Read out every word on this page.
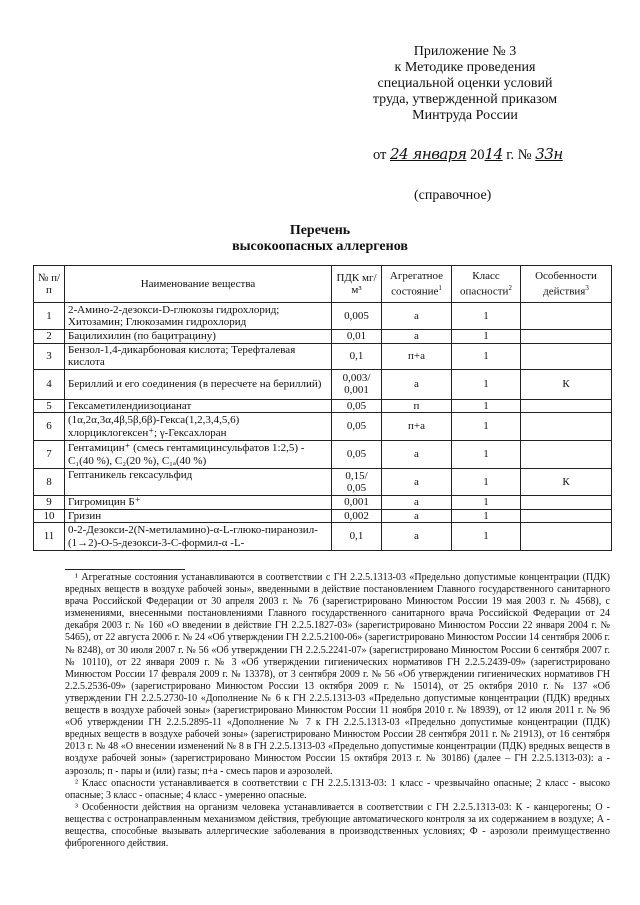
Приложение № 3
к Методике проведения
специальной оценки условий
труда, утвержденной приказом
Минтруда России
от 24 января 2014 г. № 33н
(справочное)
Перечень
высокоопасных аллергенов
№ п/п	Наименование вещества	ПДК мг/м³	Агрегатное состояние$^1$	Класс опасности$^2$	Особенности действия$^3$
1	2-Амино-2-дезокси-D-глюкозы гидрохлорид; Хитозамин; Глюкозамин гидрохлорид	0,005	а	1	
2	Бацилихилин (по бацитрацину)	0,01	а	1	
3	Бензол-1,4-дикарбоновая кислота; Терефталевая кислота	0,1	п+а	1	
4	Бериллий и его соединения (в пересчете на бериллий)	0,003/ 0,001	а	1	К
5	Гексаметилендиизоцианат	0,05	п	1	
6	(1α,2α,3α,4β,5β,6β)-Гекса(1,2,3,4,5,6) хлорциклогексен⁺; γ-Гексахлоран	0,05	п+а	1	
7	Гентамицин⁺ (смесь гентамицинсульфатов 1:2,5) - C₁(40 %), C₂(20 %), C₁ₐ(40 %)	0,05	а	1	
8	Гептаникель гексасульфид	0,15/ 0,05	а	1	К
9	Гигромицин Б⁺	0,001	а	1	
10	Гризин	0,002	а	1	
11	0-2-Дезокси-2(N-метиламино)-α-L-глюко-пиранозил-(1→2)-O-5-дезокси-3-С-формил-α -L-	0,1	а	1	

¹ Агрегатные состояния устанавливаются в соответствии с ГН 2.2.5.1313-03 «Предельно допустимые концентрации (ПДК) вредных веществ в воздухе рабочей зоны», введенными в действие постановлением Главного государственного санитарного врача Российской Федерации от 30 апреля 2003 г. № 76 (зарегистрировано Минюстом России 19 мая 2003 г. № 4568), с изменениями, внесенными постановлениями Главного государственного санитарного врача Российской Федерации от 24 декабря 2003 г. № 160 «О введении в действие ГН 2.2.5.1827-03» (зарегистрировано Минюстом России 22 января 2004 г. № 5465), от 22 августа 2006 г. № 24 «Об утверждении ГН 2.2.5.2100-06» (зарегистрировано Минюстом России 14 сентября 2006 г. № 8248), от 30 июля 2007 г. № 56 «Об утверждении ГН 2.2.5.2241-07» (зарегистрировано Минюстом России 6 сентября 2007 г. № 10110), от 22 января 2009 г. № 3 «Об утверждении гигиенических нормативов ГН 2.2.5.2439-09» (зарегистрировано Минюстом России 17 февраля 2009 г. № 13378), от 3 сентября 2009 г. № 56 «Об утверждении гигиенических нормативов ГН 2.2.5.2536-09» (зарегистрировано Минюстом России 13 октября 2009 г. № 15014), от 25 октября 2010 г. № 137 «Об утверждении ГН 2.2.5.2730-10 «Дополнение № 6 к ГН 2.2.5.1313-03 «Предельно допустимые концентрации (ПДК) вредных веществ в воздухе рабочей зоны» (зарегистрировано Минюстом России 11 ноября 2010 г. № 18939), от 12 июля 2011 г. № 96 «Об утверждении ГН 2.2.5.2895-11 «Дополнение № 7 к ГН 2.2.5.1313-03 «Предельно допустимые концентрации (ПДК) вредных веществ в воздухе рабочей зоны» (зарегистрировано Минюстом России 28 сентября 2011 г. № 21913), от 16 сентября 2013 г. № 48 «О внесении изменений № 8 в ГН 2.2.5.1313-03 «Предельно допустимые концентрации (ПДК) вредных веществ в воздухе рабочей зоны» (зарегистрировано Минюстом России 15 октября 2013 г. № 30186) (далее – ГН 2.2.5.1313-03): а - аэрозоль; п - пары и (или) газы; п+а - смесь паров и аэрозолей.

² Класс опасности устанавливается в соответствии с ГН 2.2.5.1313-03: 1 класс - чрезвычайно опасные; 2 класс - высоко опасные; 3 класс - опасные; 4 класс - умеренно опасные.

³ Особенности действия на организм человека устанавливается в соответствии с ГН 2.2.5.1313-03: К - канцерогены; О - вещества с остронаправленным механизмом действия, требующие автоматического контроля за их содержанием в воздухе; А - вещества, способные вызывать аллергические заболевания в производственных условиях; Ф - аэрозоли преимущественно фиброгенного действия.
